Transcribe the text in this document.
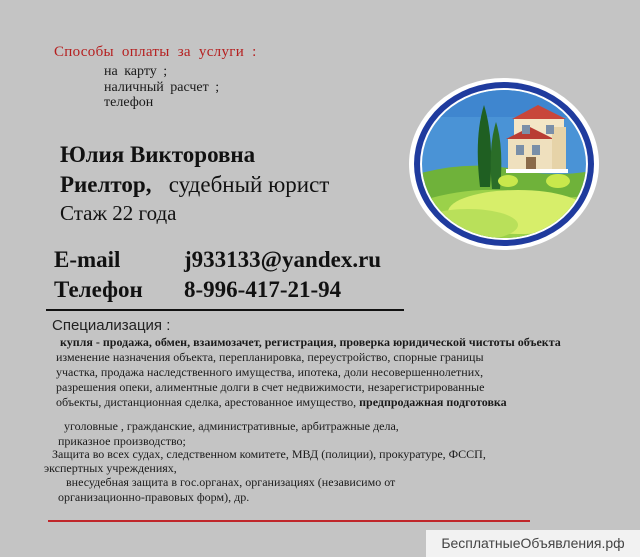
Способы оплаты за услуги :
на карту ;
наличный расчет ;
телефон
Юлия Викторовна
Риелтор, судебный юрист
Стаж 22 года
E-mail	j933133@yandex.ru
Телефон 8-996-417-21-94
Специализация :
купля - продажа, обмен, взаимозачет, регистрация, проверка юридической чистоты объекта
изменение назначения объекта, перепланировка, переустройство, спорные границы
участка, продажа наследственного имущества, ипотека, доли несовершеннолетних,
разрешения опеки, алиментные долги в счет недвижимости, незарегистрированные
объекты, дистанционная сделка, арестованное имущество, предпродажная подготовка
уголовные , гражданские, административные, арбитражные дела,
приказное производство;
Защита во всех судах, следственном комитете, МВД (полиции), прокуратуре, ФССП,
экспертных учреждениях,
внесудебная защита в гос.органах, организациях (независимо от
организационно-правовых форм), др.
БесплатныеОбъявления.рф
